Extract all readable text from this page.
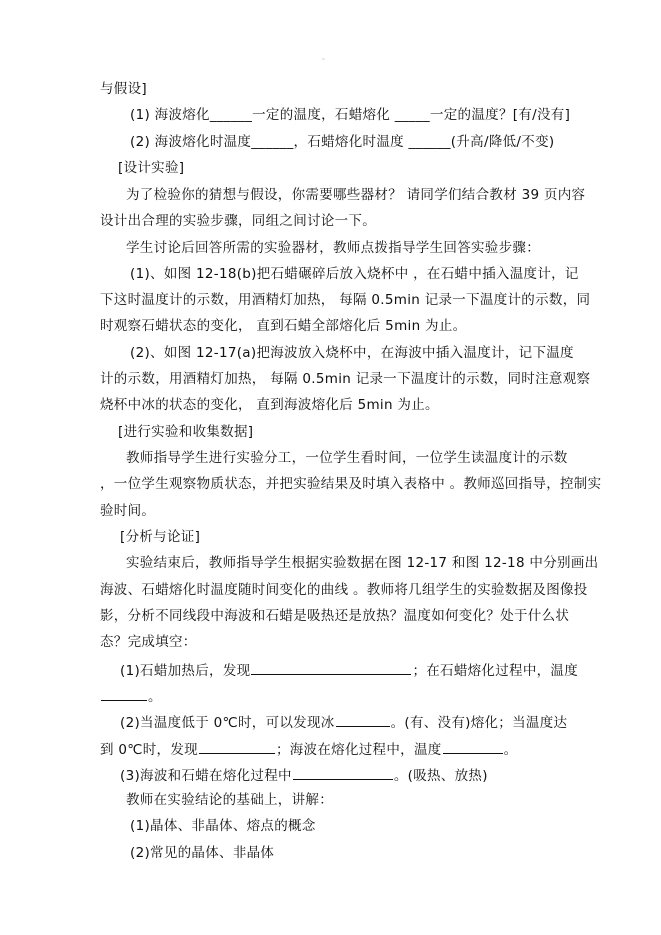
与假设]
(1) 海波熔化______一定的温度，石蜡熔化 _____一定的温度？[有/没有]
(2) 海波熔化时温度______，石蜡熔化时温度 ______(升高/降低/不变)
[设计实验]
为了检验你的猜想与假设，你需要哪些器材？ 请同学们结合教材 39 页内容
设计出合理的实验步骤，同组之间讨论一下。
学生讨论后回答所需的实验器材，教师点拨指导学生回答实验步骤：
(1)、如图 12-18(b)把石蜡碾碎后放入烧杯中 ，在石蜡中插入温度计，记
下这时温度计的示数，用酒精灯加热， 每隔 0.5min 记录一下温度计的示数，同
时观察石蜡状态的变化， 直到石蜡全部熔化后 5min 为止。
(2)、如图 12-17(a)把海波放入烧杯中，在海波中插入温度计，记下温度
计的示数，用酒精灯加热， 每隔 0.5min 记录一下温度计的示数，同时注意观察
烧杯中冰的状态的变化， 直到海波熔化后 5min 为止。
[进行实验和收集数据]
教师指导学生进行实验分工，一位学生看时间，一位学生读温度计的示数
，一位学生观察物质状态，并把实验结果及时填入表格中 。教师巡回指导，控制实
验时间。
[分析与论证]
实验结束后，教师指导学生根据实验数据在图 12-17 和图 12-18 中分别画出
海波、石蜡熔化时温度随时间变化的曲线 。教师将几组学生的实验数据及图像投
影，分析不同线段中海波和石蜡是吸热还是放热？温度如何变化？处于什么状
态？完成填空：
(1)石蜡加热后，发现	；在石蜡熔化过程中，温度
。
(2)当温度低于 0℃时，可以发现冰	。(有、没有)熔化；当温度达
到 0℃时，发现	；海波在熔化过程中，温度	。
(3)海波和石蜡在熔化过程中	。(吸热、放热)
教师在实验结论的基础上，讲解：
(1)晶体、非晶体、熔点的概念
(2)常见的晶体、非晶体
